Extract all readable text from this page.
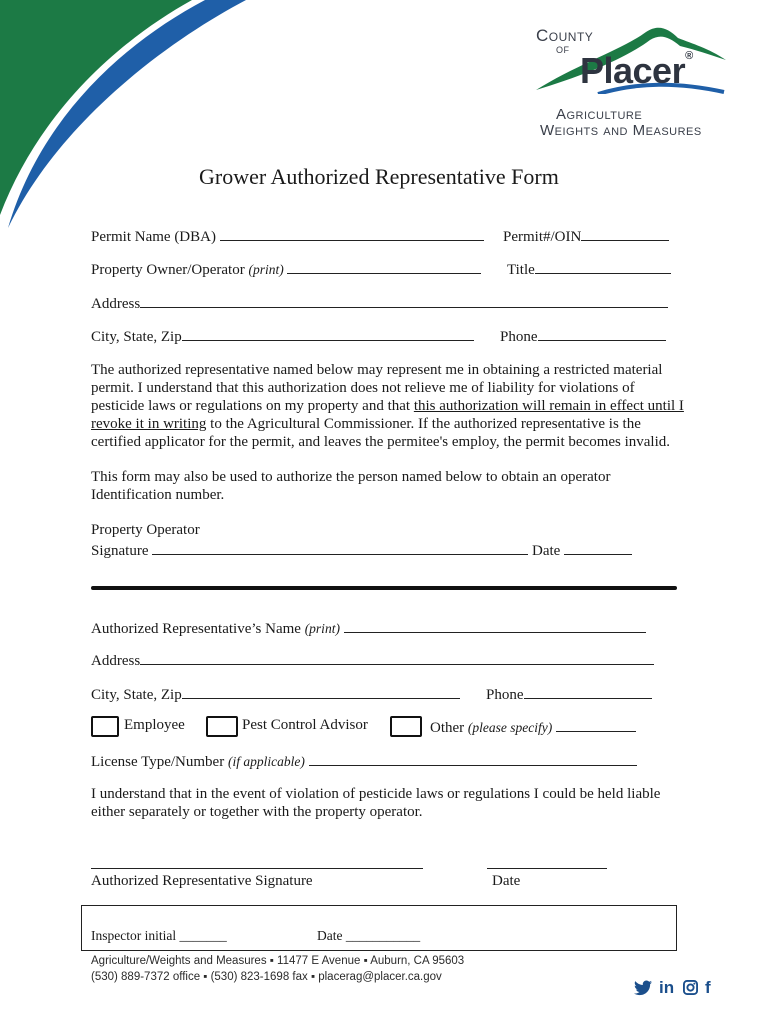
County
of
Placer®
Agriculture
Weights and Measures
Grower Authorized Representative Form
Permit Name (DBA)	Permit#/OIN
Property Owner/Operator (print)	Title
Address
City, State, Zip	Phone
The authorized representative named below may represent me in obtaining a restricted material permit. I understand that this authorization does not relieve me of liability for violations of pesticide laws or regulations on my property and that this authorization will remain in effect until I revoke it in writing to the Agricultural Commissioner. If the authorized representative is the certified applicator for the permit, and leaves the permitee's employ, the permit becomes invalid.
This form may also be used to authorize the person named below to obtain an operator Identification number.
Property Operator
Signature	Date
Authorized Representative’s Name (print)
Address
City, State, Zip	Phone
Employee	Pest Control Advisor	Other (please specify)
License Type/Number (if applicable)
I understand that in the event of violation of pesticide laws or regulations I could be held liable either separately or together with the property operator.
Authorized Representative Signature	Date
Inspector initial _______	Date ___________
Agriculture/Weights and Measures ▪ 11477 E Avenue ▪ Auburn, CA 95603
(530) 889-7372 office ▪ (530) 823-1698 fax ▪ placerag@placer.ca.gov
in f
